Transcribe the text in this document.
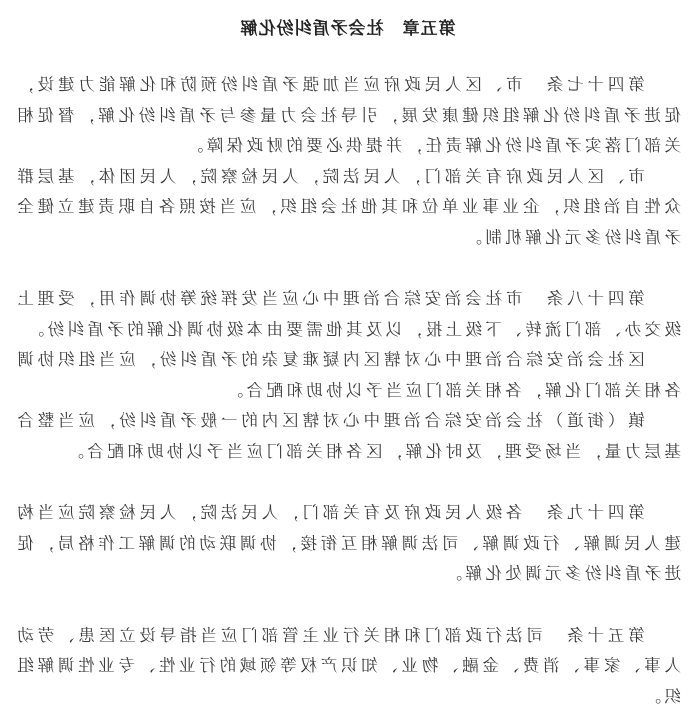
第五章　社会矛盾纠纷化解

第四十七条　市、区人民政府应当加强矛盾纠纷预防和化解能力建设，促进矛盾纠纷化解组织健康发展，引导社会力量参与矛盾纠纷化解，督促相关部门落实矛盾纠纷化解责任，并提供必要的财政保障。

市、区人民政府有关部门，人民法院，人民检察院，人民团体，基层群众性自治组织，企业事业单位和其他社会组织，应当按照各自职责建立健全矛盾纠纷多元化解机制。

第四十八条　市社会治安综合治理中心应当发挥统筹协调作用，受理上级交办、部门流转、下级上报，以及其他需要由本级协调化解的矛盾纠纷。

区社会治安综合治理中心对辖区内疑难复杂的矛盾纠纷，应当组织协调各相关部门化解，各相关部门应当予以协助和配合。

镇（街道）社会治安综合治理中心对辖区内的一般矛盾纠纷，应当整合基层力量，当场受理，及时化解，区各相关部门应当予以协助和配合。

第四十九条　各级人民政府及有关部门，人民法院，人民检察院应当构建人民调解、行政调解、司法调解相互衔接，协调联动的调解工作格局，促进矛盾纠纷多元调处化解。

第五十条　司法行政部门和相关行业主管部门应当指导设立医患、劳动人事、家事、消费、金融、物业、知识产权等领域的行业性、专业性调解组织。
